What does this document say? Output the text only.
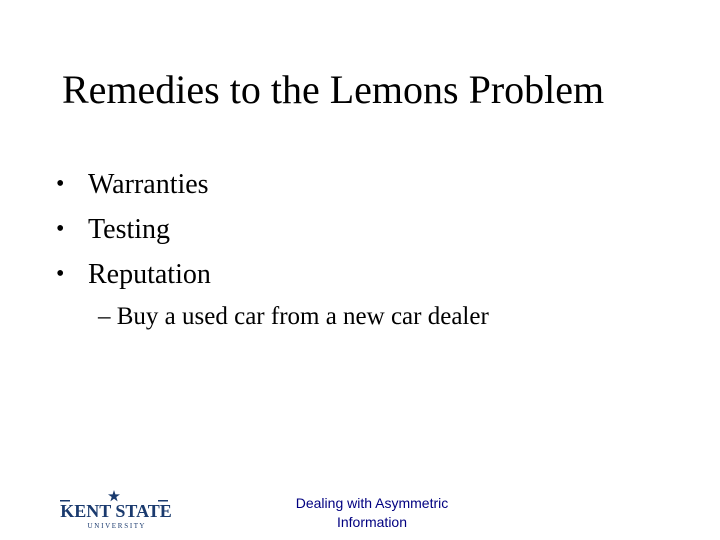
Remedies to the Lemons Problem
• Warranties
• Testing
• Reputation
– Buy a used car from a new car dealer
KENT STATE
U N I V E R S I T Y
Dealing with Asymmetric
Information
